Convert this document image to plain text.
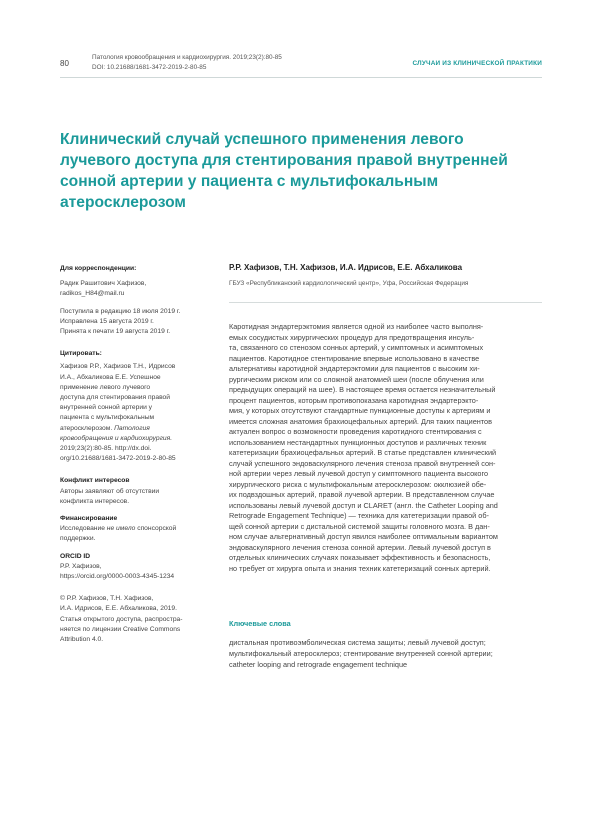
80
Патология кровообращения и кардиохирургия. 2019;23(2):80-85
DOI: 10.21688/1681-3472-2019-2-80-85
СЛУЧАИ ИЗ КЛИНИЧЕСКОЙ ПРАКТИКИ
Клинический случай успешного применения левого
лучевого доступа для стентирования правой внутренней
сонной артерии у пациента с мультифокальным
атеросклерозом
Для корреспонденции:
Радик Рашитович Хафизов,
radikos_H84@mail.ru
Поступила в редакцию 18 июля 2019 г.
Исправлена 15 августа 2019 г.
Принята к печати 19 августа 2019 г.
Цитировать:
Хафизов Р.Р., Хафизов Т.Н., Идрисов
И.А., Абхаликова Е.Е. Успешное
применение левого лучевого
доступа для стентирования правой
внутренней сонной артерии у
пациента с мультифокальным
атеросклерозом. Патология
кровообращения и кардиохирургия.
2019;23(2):80-85. http://dx.doi.
org/10.21688/1681-3472-2019-2-80-85
Конфликт интересов
Авторы заявляют об отсутствии
конфликта интересов.
Финансирование
Исследование не имело спонсорской
поддержки.
ORCID ID
Р.Р. Хафизов,
https://orcid.org/0000-0003-4345-1234
© Р.Р. Хафизов, Т.Н. Хафизов,
И.А. Идрисов, Е.Е. Абхаликова, 2019.
Статья открытого доступа, распростра-
няется по лицензии Creative Commons
Attribution 4.0.
Р.Р. Хафизов, Т.Н. Хафизов, И.А. Идрисов, Е.Е. Абхаликова
ГБУЗ «Республиканский кардиологический центр», Уфа, Российская Федерация
Каротидная эндартерэктомия является одной из наиболее часто выполня-
емых сосудистых хирургических процедур для предотвращения инсуль-
та, связанного со стенозом сонных артерий, у симптомных и асимптомных
пациентов. Каротидное стентирование впервые использовано в качестве
альтернативы каротидной эндартерэктомии для пациентов с высоким хи-
рургическим риском или со сложной анатомией шеи (после облучения или
предыдущих операций на шее). В настоящее время остается незначительный
процент пациентов, которым противопоказана каротидная эндартерэкто-
мия, у которых отсутствуют стандартные пункционные доступы к артериям и
имеется сложная анатомия брахиоцефальных артерий. Для таких пациентов
актуален вопрос о возможности проведения каротидного стентирования с
использованием нестандартных пункционных доступов и различных техник
катетеризации брахиоцефальных артерий. В статье представлен клинический
случай успешного эндоваскулярного лечения стеноза правой внутренней сон-
ной артерии через левый лучевой доступ у симптомного пациента высокого
хирургического риска с мультифокальным атеросклерозом: окклюзией обе-
их подвздошных артерий, правой лучевой артерии. В представленном случае
использованы левый лучевой доступ и CLARET (англ. the Catheter Looping and
Retrograde Engagement Technique) — техника для катетеризации правой об-
щей сонной артерии с дистальной системой защиты головного мозга. В дан-
ном случае альтернативный доступ явился наиболее оптимальным вариантом
эндоваскулярного лечения стеноза сонной артерии. Левый лучевой доступ в
отдельных клинических случаях показывает эффективность и безопасность,
но требует от хирурга опыта и знания техник катетеризаций сонных артерий.
Ключевые слова
дистальная противоэмболическая система защиты; левый лучевой доступ;
мультифокальный атеросклероз; стентирование внутренней сонной артерии;
catheter looping and retrograde engagement technique
